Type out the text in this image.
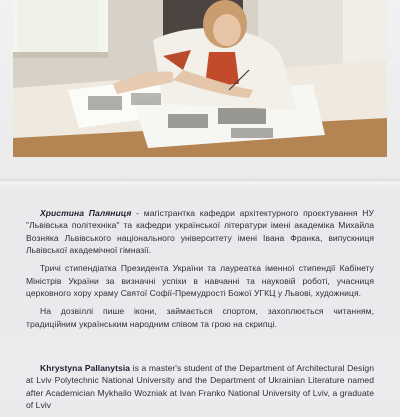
Христина Паляниця - магістрантка кафедри архітектурного проєктування НУ "Львівська політехніка" та кафедри української літератури імені академіка Михайла Возняка Львівського національного університету імені Івана Франка, випускниця Львівської академічної гімназії.

Тричі стипендіатка Президента України та лауреатка іменної стипендії Кабінету Міністрів України за визначні успіхи в навчанні та науковій роботі, учасниця церковного хору храму Святої Софії-Премудрості Божої УГКЦ у Львові, художниця.

На дозвіллі пише ікони, займається спортом, захоплюється читанням, традиційним українським народним співом та грою на скрипці.

Khrystyna Pallanytsia is a master's student of the Department of Architectural Design at Lviv Polytechnic National University and the Department of Ukrainian Literature named after Academician Mykhailo Wozniak at Ivan Franko National University of Lviv, a graduate of Lviv
